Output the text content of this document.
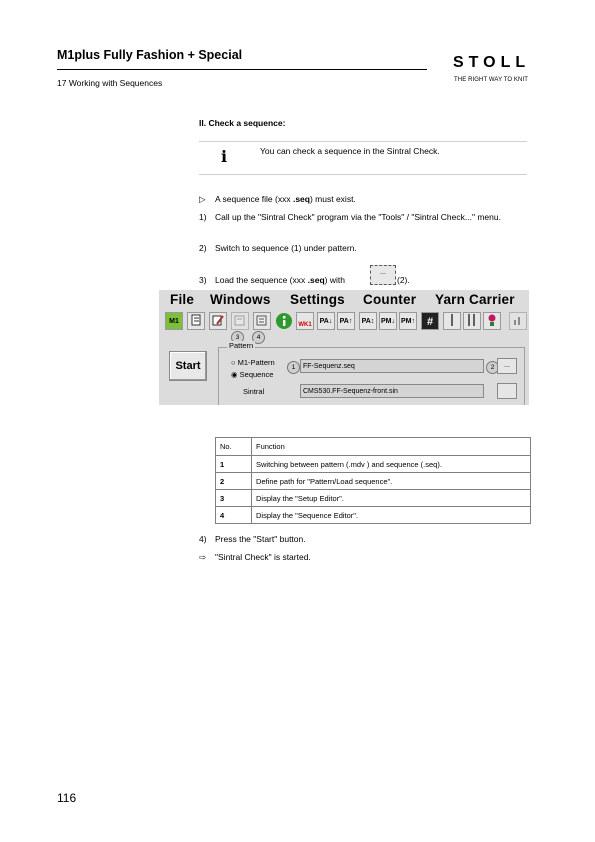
M1plus Fully Fashion + Special
17 Working with Sequences
STOLL
THE RIGHT WAY TO KNIT
II. Check a sequence:
i	You can check a sequence in the Sintral Check.
▷ A sequence file (xxx .seq) must exist.
1) Call up the "Sintral Check" program via the "Tools" / "Sintral Check..." menu.
2) Switch to sequence (1) under pattern.
3) Load the sequence (xxx .seq) with
...
(2).
File Windows Settings Counter Yarn Carrier
M1	WK1	PA↓	PA↑	PA↕ PM↓ PM↑	#
3	4
Start
Pattern
○ M1-Pattern
◉ Sequence
Sintral
1	FF-Sequenz.seq	2	...
CMS530.FF-Sequenz-front.sin
No.	Function
1	Switching between pattern (.mdv ) and sequence (.seq).
2	Define path for "Pattern/Load sequence".
3	Display the "Setup Editor".
4	Display the "Sequence Editor".
4) Press the "Start" button.
⇨ "Sintral Check" is started.
116
